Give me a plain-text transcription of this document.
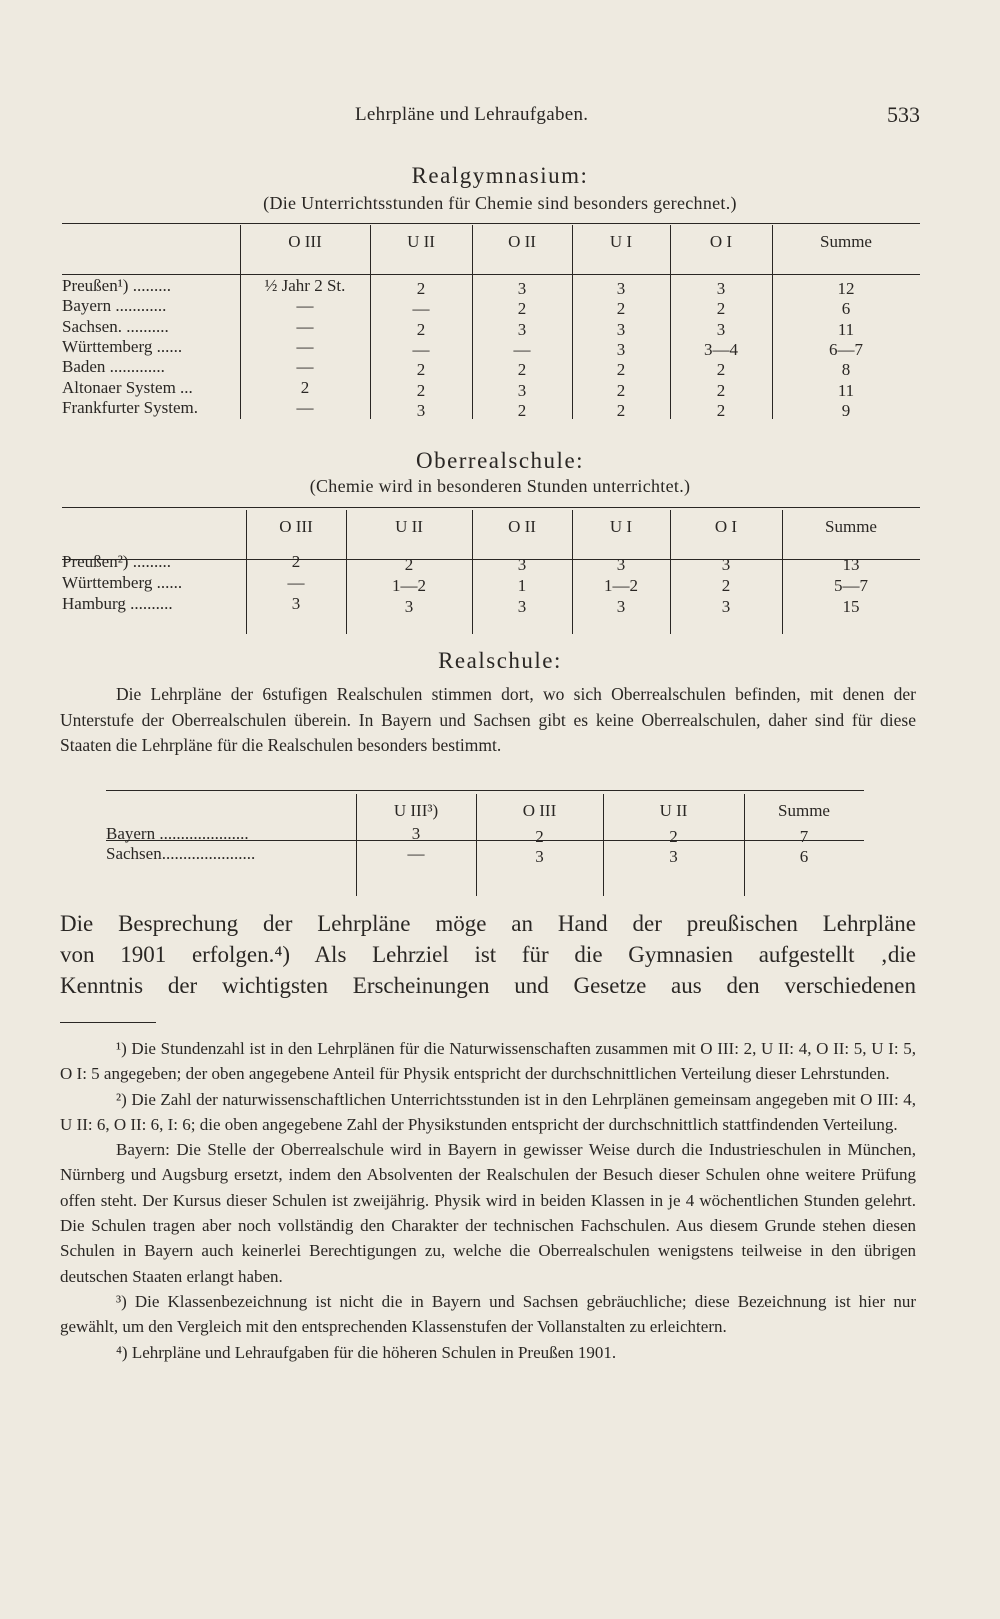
Lehrpläne und Lehraufgaben.	533
Realgymnasium:
(Die Unterrichtsstunden für Chemie sind besonders gerechnet.)
O III	U II	O II	U I	O I	Summe
Preußen¹) .........	½ Jahr 2 St.	2	3	3	3	12
Bayern ............	—	—	2	2	2	6
Sachsen. ..........	—	2	3	3	3	11
Württemberg ......	—	—	—	3	3—4	6—7
Baden .............	—	2	2	2	2	8
Altonaer System ...	2	2	3	2	2	11
Frankfurter System.	—	3	2	2	2	9
Oberrealschule:
(Chemie wird in besonderen Stunden unterrichtet.)
O III	U II	O II	U I	O I	Summe
Preußen²) .........	2	2	3	3	3	13
Württemberg ......	—	1—2	1	1—2	2	5—7
Hamburg ..........	3	3	3	3	3	15
Realschule:

Die Lehrpläne der 6stufigen Realschulen stimmen dort, wo sich Oberrealschulen befinden, mit denen der Unterstufe der Oberrealschulen überein. In Bayern und Sachsen gibt es keine Oberrealschulen, daher sind für diese Staaten die Lehrpläne für die Realschulen besonders bestimmt.

U III³)	O III	U II	Summe
Bayern .....................	3	2	2	7
Sachsen......................	—	3	3	6
Die Besprechung der Lehrpläne möge an Hand der preußischen Lehrpläne
von 1901 erfolgen.⁴) Als Lehrziel ist für die Gymnasien aufgestellt ‚die
Kenntnis der wichtigsten Erscheinungen und Gesetze aus den verschiedenen

¹) Die Stundenzahl ist in den Lehrplänen für die Naturwissenschaften zusammen mit O III: 2, U II: 4, O II: 5, U I: 5, O I: 5 angegeben; der oben angegebene Anteil für Physik entspricht der durchschnittlichen Verteilung dieser Lehrstunden.

²) Die Zahl der naturwissenschaftlichen Unterrichtsstunden ist in den Lehrplänen gemeinsam angegeben mit O III: 4, U II: 6, O II: 6, I: 6; die oben angegebene Zahl der Physikstunden entspricht der durchschnittlich stattfindenden Verteilung.

Bayern: Die Stelle der Oberrealschule wird in Bayern in gewisser Weise durch die Industrieschulen in München, Nürnberg und Augsburg ersetzt, indem den Absolventen der Realschulen der Besuch dieser Schulen ohne weitere Prüfung offen steht. Der Kursus dieser Schulen ist zweijährig. Physik wird in beiden Klassen in je 4 wöchentlichen Stunden gelehrt. Die Schulen tragen aber noch vollständig den Charakter der technischen Fachschulen. Aus diesem Grunde stehen diesen Schulen in Bayern auch keinerlei Berechtigungen zu, welche die Oberrealschulen wenigstens teilweise in den übrigen deutschen Staaten erlangt haben.

³) Die Klassenbezeichnung ist nicht die in Bayern und Sachsen gebräuchliche; diese Bezeichnung ist hier nur gewählt, um den Vergleich mit den entsprechenden Klassenstufen der Vollanstalten zu erleichtern.

⁴) Lehrpläne und Lehraufgaben für die höheren Schulen in Preußen 1901.
